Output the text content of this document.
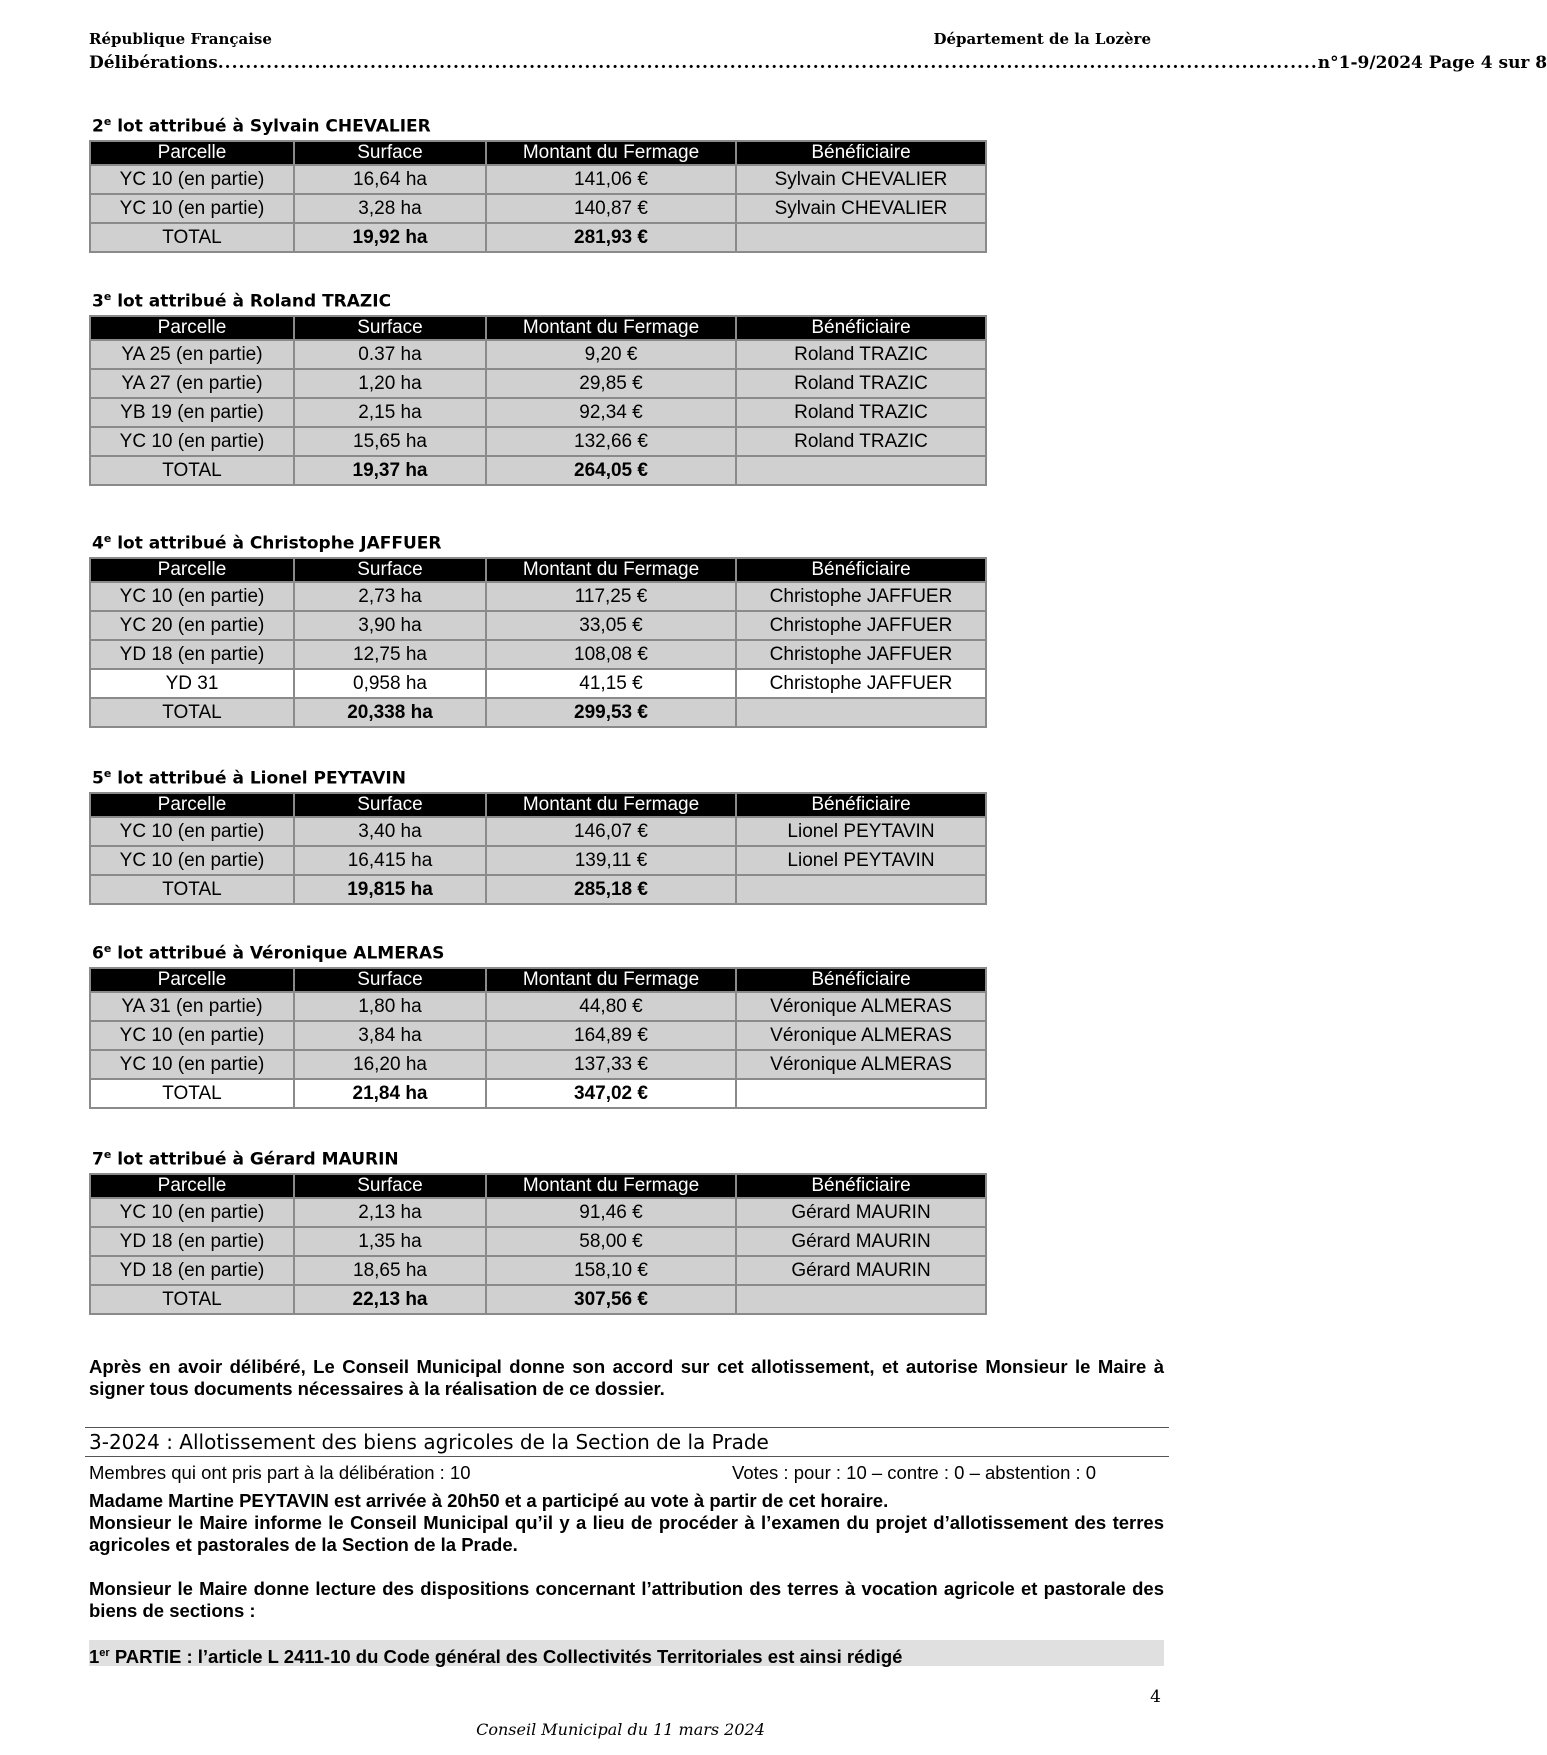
République Française	Département de la Lozère
Délibérations ............................................................................................................................................................... n°1-9/2024 Page 4 sur 8
2e lot attribué à Sylvain CHEVALIER
Parcelle	Surface	Montant du Fermage	Bénéficiaire
YC 10 (en partie)	16,64 ha	141,06 €	Sylvain CHEVALIER
YC 10 (en partie)	3,28 ha	140,87 €	Sylvain CHEVALIER
TOTAL	19,92 ha	281,93 €	
3e lot attribué à Roland TRAZIC
Parcelle	Surface	Montant du Fermage	Bénéficiaire
YA 25 (en partie)	0.37 ha	9,20 €	Roland TRAZIC
YA 27 (en partie)	1,20 ha	29,85 €	Roland TRAZIC
YB 19 (en partie)	2,15 ha	92,34 €	Roland TRAZIC
YC 10 (en partie)	15,65 ha	132,66 €	Roland TRAZIC
TOTAL	19,37 ha	264,05 €	
4e lot attribué à Christophe JAFFUER
Parcelle	Surface	Montant du Fermage	Bénéficiaire
YC 10 (en partie)	2,73 ha	117,25 €	Christophe JAFFUER
YC 20 (en partie)	3,90 ha	33,05 €	Christophe JAFFUER
YD 18 (en partie)	12,75 ha	108,08 €	Christophe JAFFUER
YD 31	0,958 ha	41,15 €	Christophe JAFFUER
TOTAL	20,338 ha	299,53 €	
5e lot attribué à Lionel PEYTAVIN
Parcelle	Surface	Montant du Fermage	Bénéficiaire
YC 10 (en partie)	3,40 ha	146,07 €	Lionel PEYTAVIN
YC 10 (en partie)	16,415 ha	139,11 €	Lionel PEYTAVIN
TOTAL	19,815 ha	285,18 €	
6e lot attribué à Véronique ALMERAS
Parcelle	Surface	Montant du Fermage	Bénéficiaire
YA 31 (en partie)	1,80 ha	44,80 €	Véronique ALMERAS
YC 10 (en partie)	3,84 ha	164,89 €	Véronique ALMERAS
YC 10 (en partie)	16,20 ha	137,33 €	Véronique ALMERAS
TOTAL	21,84 ha	347,02 €	
7e lot attribué à Gérard MAURIN
Parcelle	Surface	Montant du Fermage	Bénéficiaire
YC 10 (en partie)	2,13 ha	91,46 €	Gérard MAURIN
YD 18 (en partie)	1,35 ha	58,00 €	Gérard MAURIN
YD 18 (en partie)	18,65 ha	158,10 €	Gérard MAURIN
TOTAL	22,13 ha	307,56 €	
Après en avoir délibéré, Le Conseil Municipal donne son accord sur cet allotissement, et autorise Monsieur le Maire à signer tous documents nécessaires à la réalisation de ce dossier.
3-2024 : Allotissement des biens agricoles de la Section de la Prade
Membres qui ont pris part à la délibération : 10	Votes : pour : 10 – contre : 0 – abstention : 0
Madame Martine PEYTAVIN est arrivée à 20h50 et a participé au vote à partir de cet horaire.
Monsieur le Maire informe le Conseil Municipal qu’il y a lieu de procéder à l’examen du projet d’allotissement des terres agricoles et pastorales de la Section de la Prade.
Monsieur le Maire donne lecture des dispositions concernant l’attribution des terres à vocation agricole et pastorale des biens de sections :
1er PARTIE : l’article L 2411-10 du Code général des Collectivités Territoriales est ainsi rédigé
4
Conseil Municipal du 11 mars 2024
